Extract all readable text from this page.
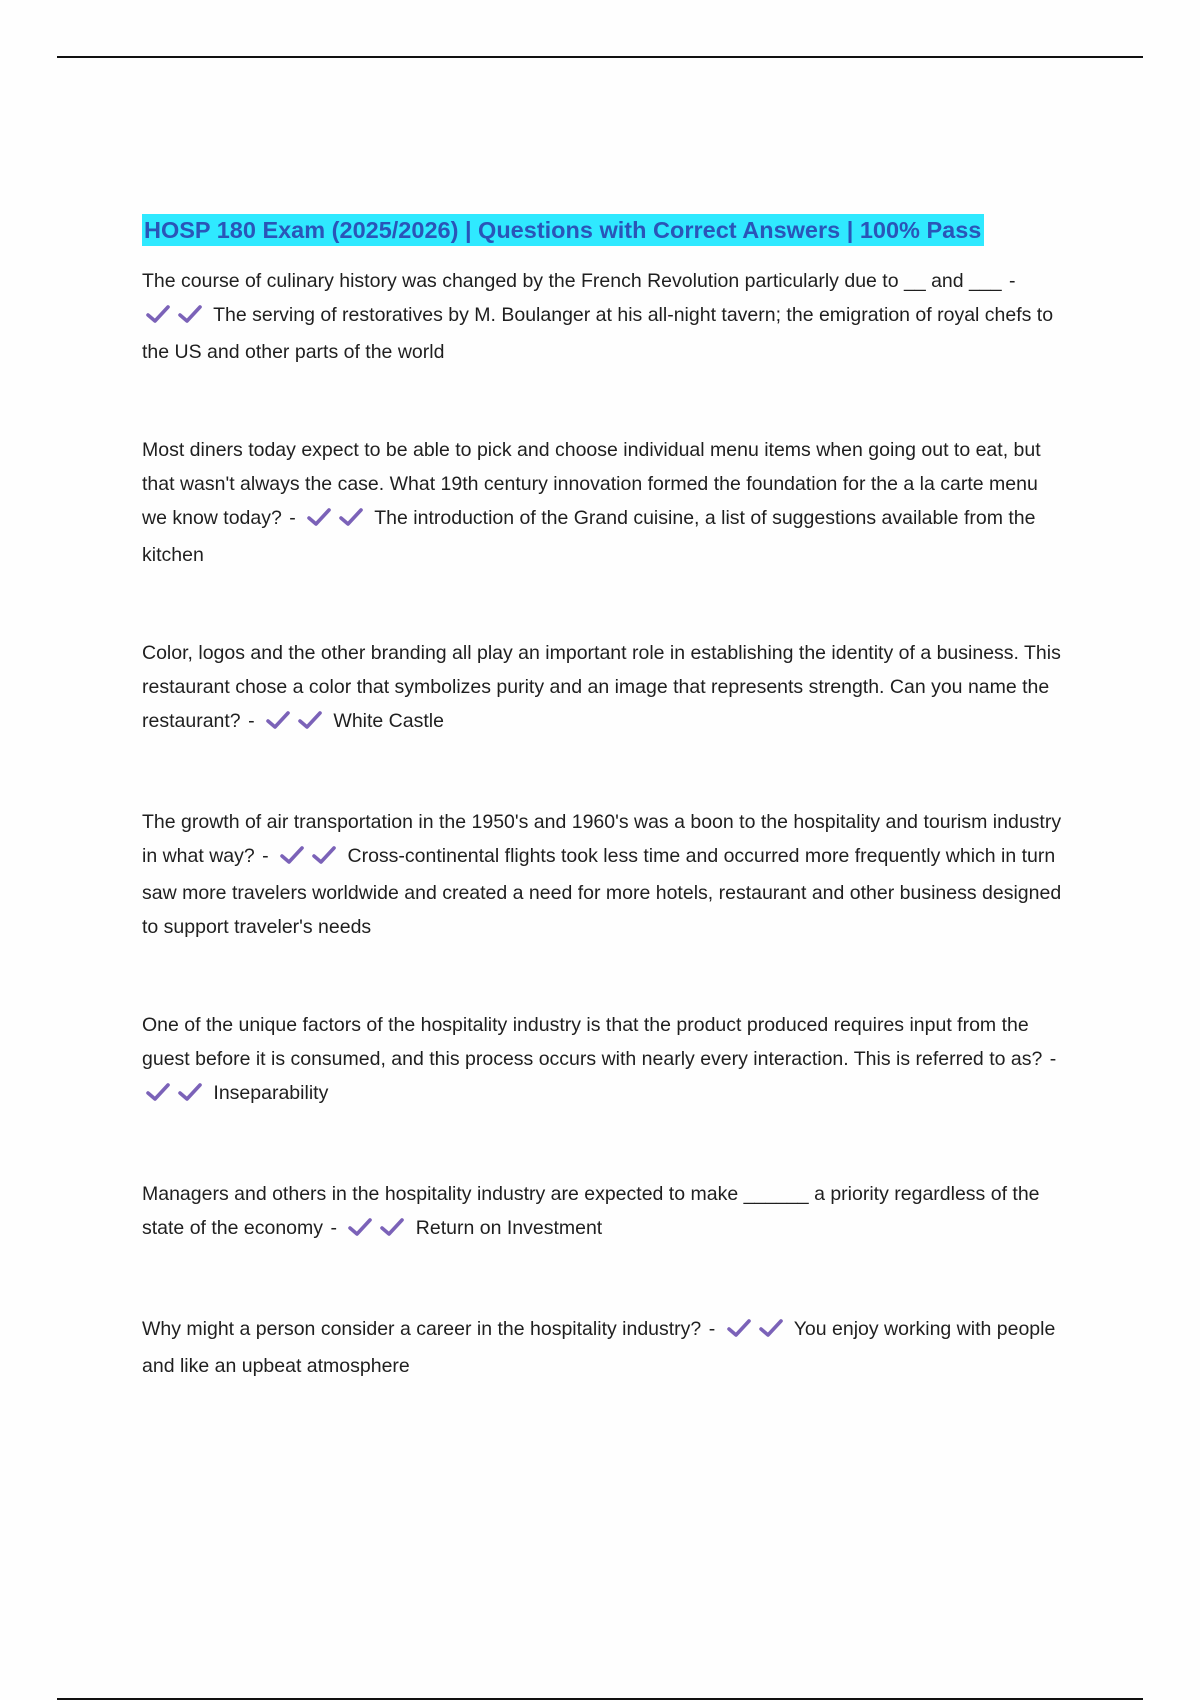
HOSP 180 Exam (2025/2026) | Questions with Correct Answers | 100% Pass

The course of culinary history was changed by the French Revolution particularly due to __ and ___ -
The serving of restoratives by M. Boulanger at his all-night tavern; the emigration of royal chefs to the US and other parts of the world

Most diners today expect to be able to pick and choose individual menu items when going out to eat, but that wasn't always the case. What 19th century innovation formed the foundation for the a la carte menu we know today? -	The introduction of the Grand cuisine, a list of suggestions available from the kitchen

Color, logos and the other branding all play an important role in establishing the identity of a business. This restaurant chose a color that symbolizes purity and an image that represents strength. Can you name the restaurant? -	White Castle

The growth of air transportation in the 1950's and 1960's was a boon to the hospitality and tourism industry in what way? -	Cross-continental flights took less time and occurred more frequently which in turn saw more travelers worldwide and created a need for more hotels, restaurant and other business designed to support traveler's needs

One of the unique factors of the hospitality industry is that the product produced requires input from the guest before it is consumed, and this process occurs with nearly every interaction. This is referred to as? -
Inseparability

Managers and others in the hospitality industry are expected to make ______ a priority regardless of the state of the economy -	Return on Investment

Why might a person consider a career in the hospitality industry? -	You enjoy working with people and like an upbeat atmosphere
